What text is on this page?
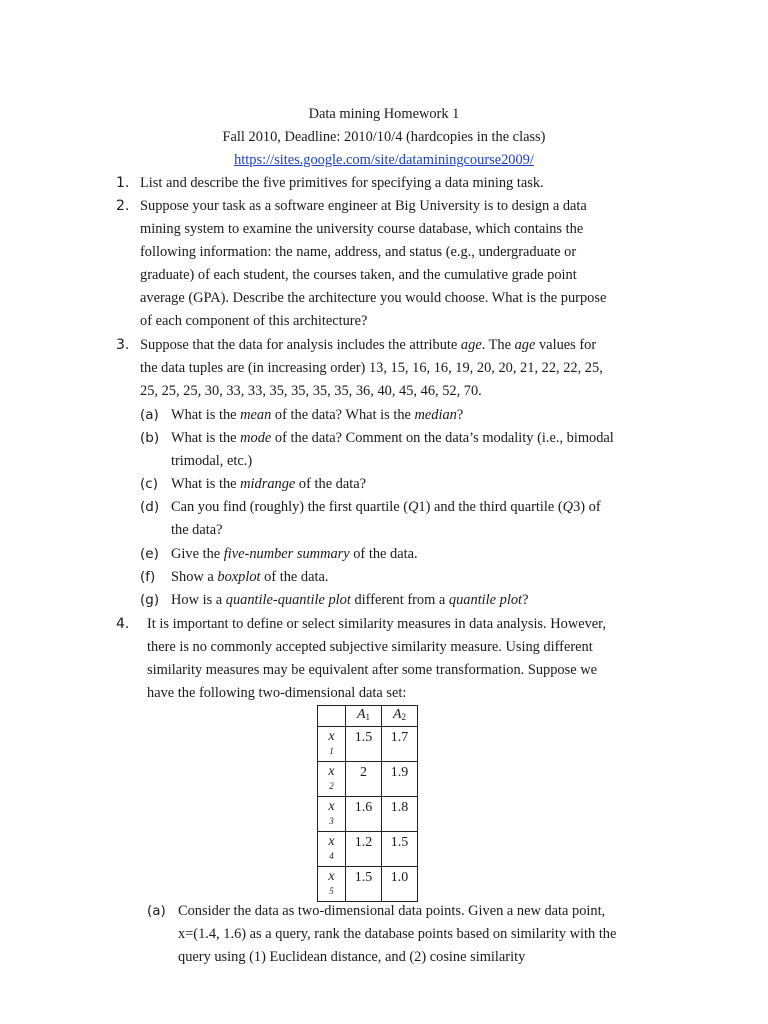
Data mining Homework 1
Fall 2010, Deadline: 2010/10/4 (hardcopies in the class)
https://sites.google.com/site/dataminingcourse2009/
1. List and describe the five primitives for specifying a data mining task.
2. Suppose your task as a software engineer at Big University is to design a data
mining system to examine the university course database, which contains the
following information: the name, address, and status (e.g., undergraduate or
graduate) of each student, the courses taken, and the cumulative grade point
average (GPA). Describe the architecture you would choose. What is the purpose
of each component of this architecture?
3. Suppose that the data for analysis includes the attribute age. The age values for
the data tuples are (in increasing order) 13, 15, 16, 16, 19, 20, 20, 21, 22, 22, 25,
25, 25, 25, 30, 33, 33, 35, 35, 35, 35, 36, 40, 45, 46, 52, 70.
(a) What is the mean of the data? What is the median?
(b) What is the mode of the data? Comment on the data’s modality (i.e., bimodal
trimodal, etc.)
(c) What is the midrange of the data?
(d) Can you find (roughly) the first quartile (Q1) and the third quartile (Q3) of
the data?
(e) Give the five-number summary of the data.
(f) Show a boxplot of the data.
(g) How is a quantile-quantile plot different from a quantile plot?
4. It is important to define or select similarity measures in data analysis. However,
there is no commonly accepted subjective similarity measure. Using different
similarity measures may be equivalent after some transformation. Suppose we
have the following two-dimensional data set:
	$A_1$	$A_2$
x
1	1.5	1.7
x
2	2	1.9
x
3	1.6	1.8
x
4	1.2	1.5
x
5	1.5	1.0
(a) Consider the data as two-dimensional data points. Given a new data point,
x=(1.4, 1.6) as a query, rank the database points based on similarity with the
query using (1) Euclidean distance, and (2) cosine similarity
